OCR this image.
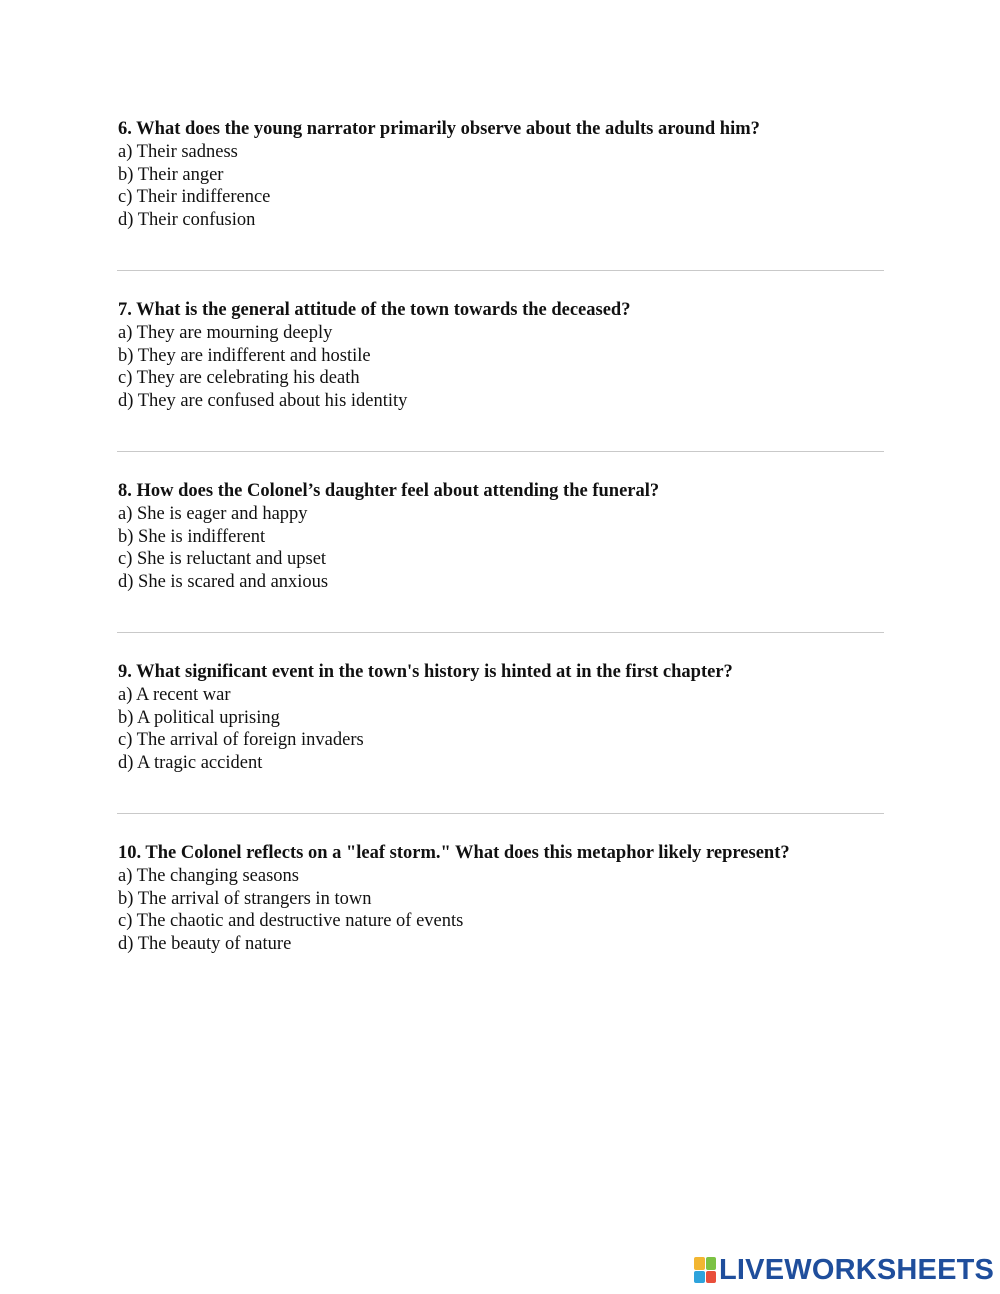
6. What does the young narrator primarily observe about the adults around him?

a) Their sadness

b) Their anger

c) Their indifference

d) Their confusion

7. What is the general attitude of the town towards the deceased?

a) They are mourning deeply

b) They are indifferent and hostile

c) They are celebrating his death

d) They are confused about his identity

8. How does the Colonel’s daughter feel about attending the funeral?

a) She is eager and happy

b) She is indifferent

c) She is reluctant and upset

d) She is scared and anxious

9. What significant event in the town's history is hinted at in the first chapter?

a) A recent war

b) A political uprising

c) The arrival of foreign invaders

d) A tragic accident

10. The Colonel reflects on a "leaf storm." What does this metaphor likely represent?

a) The changing seasons

b) The arrival of strangers in town

c) The chaotic and destructive nature of events

d) The beauty of nature

LIVEWORKSHEETS
